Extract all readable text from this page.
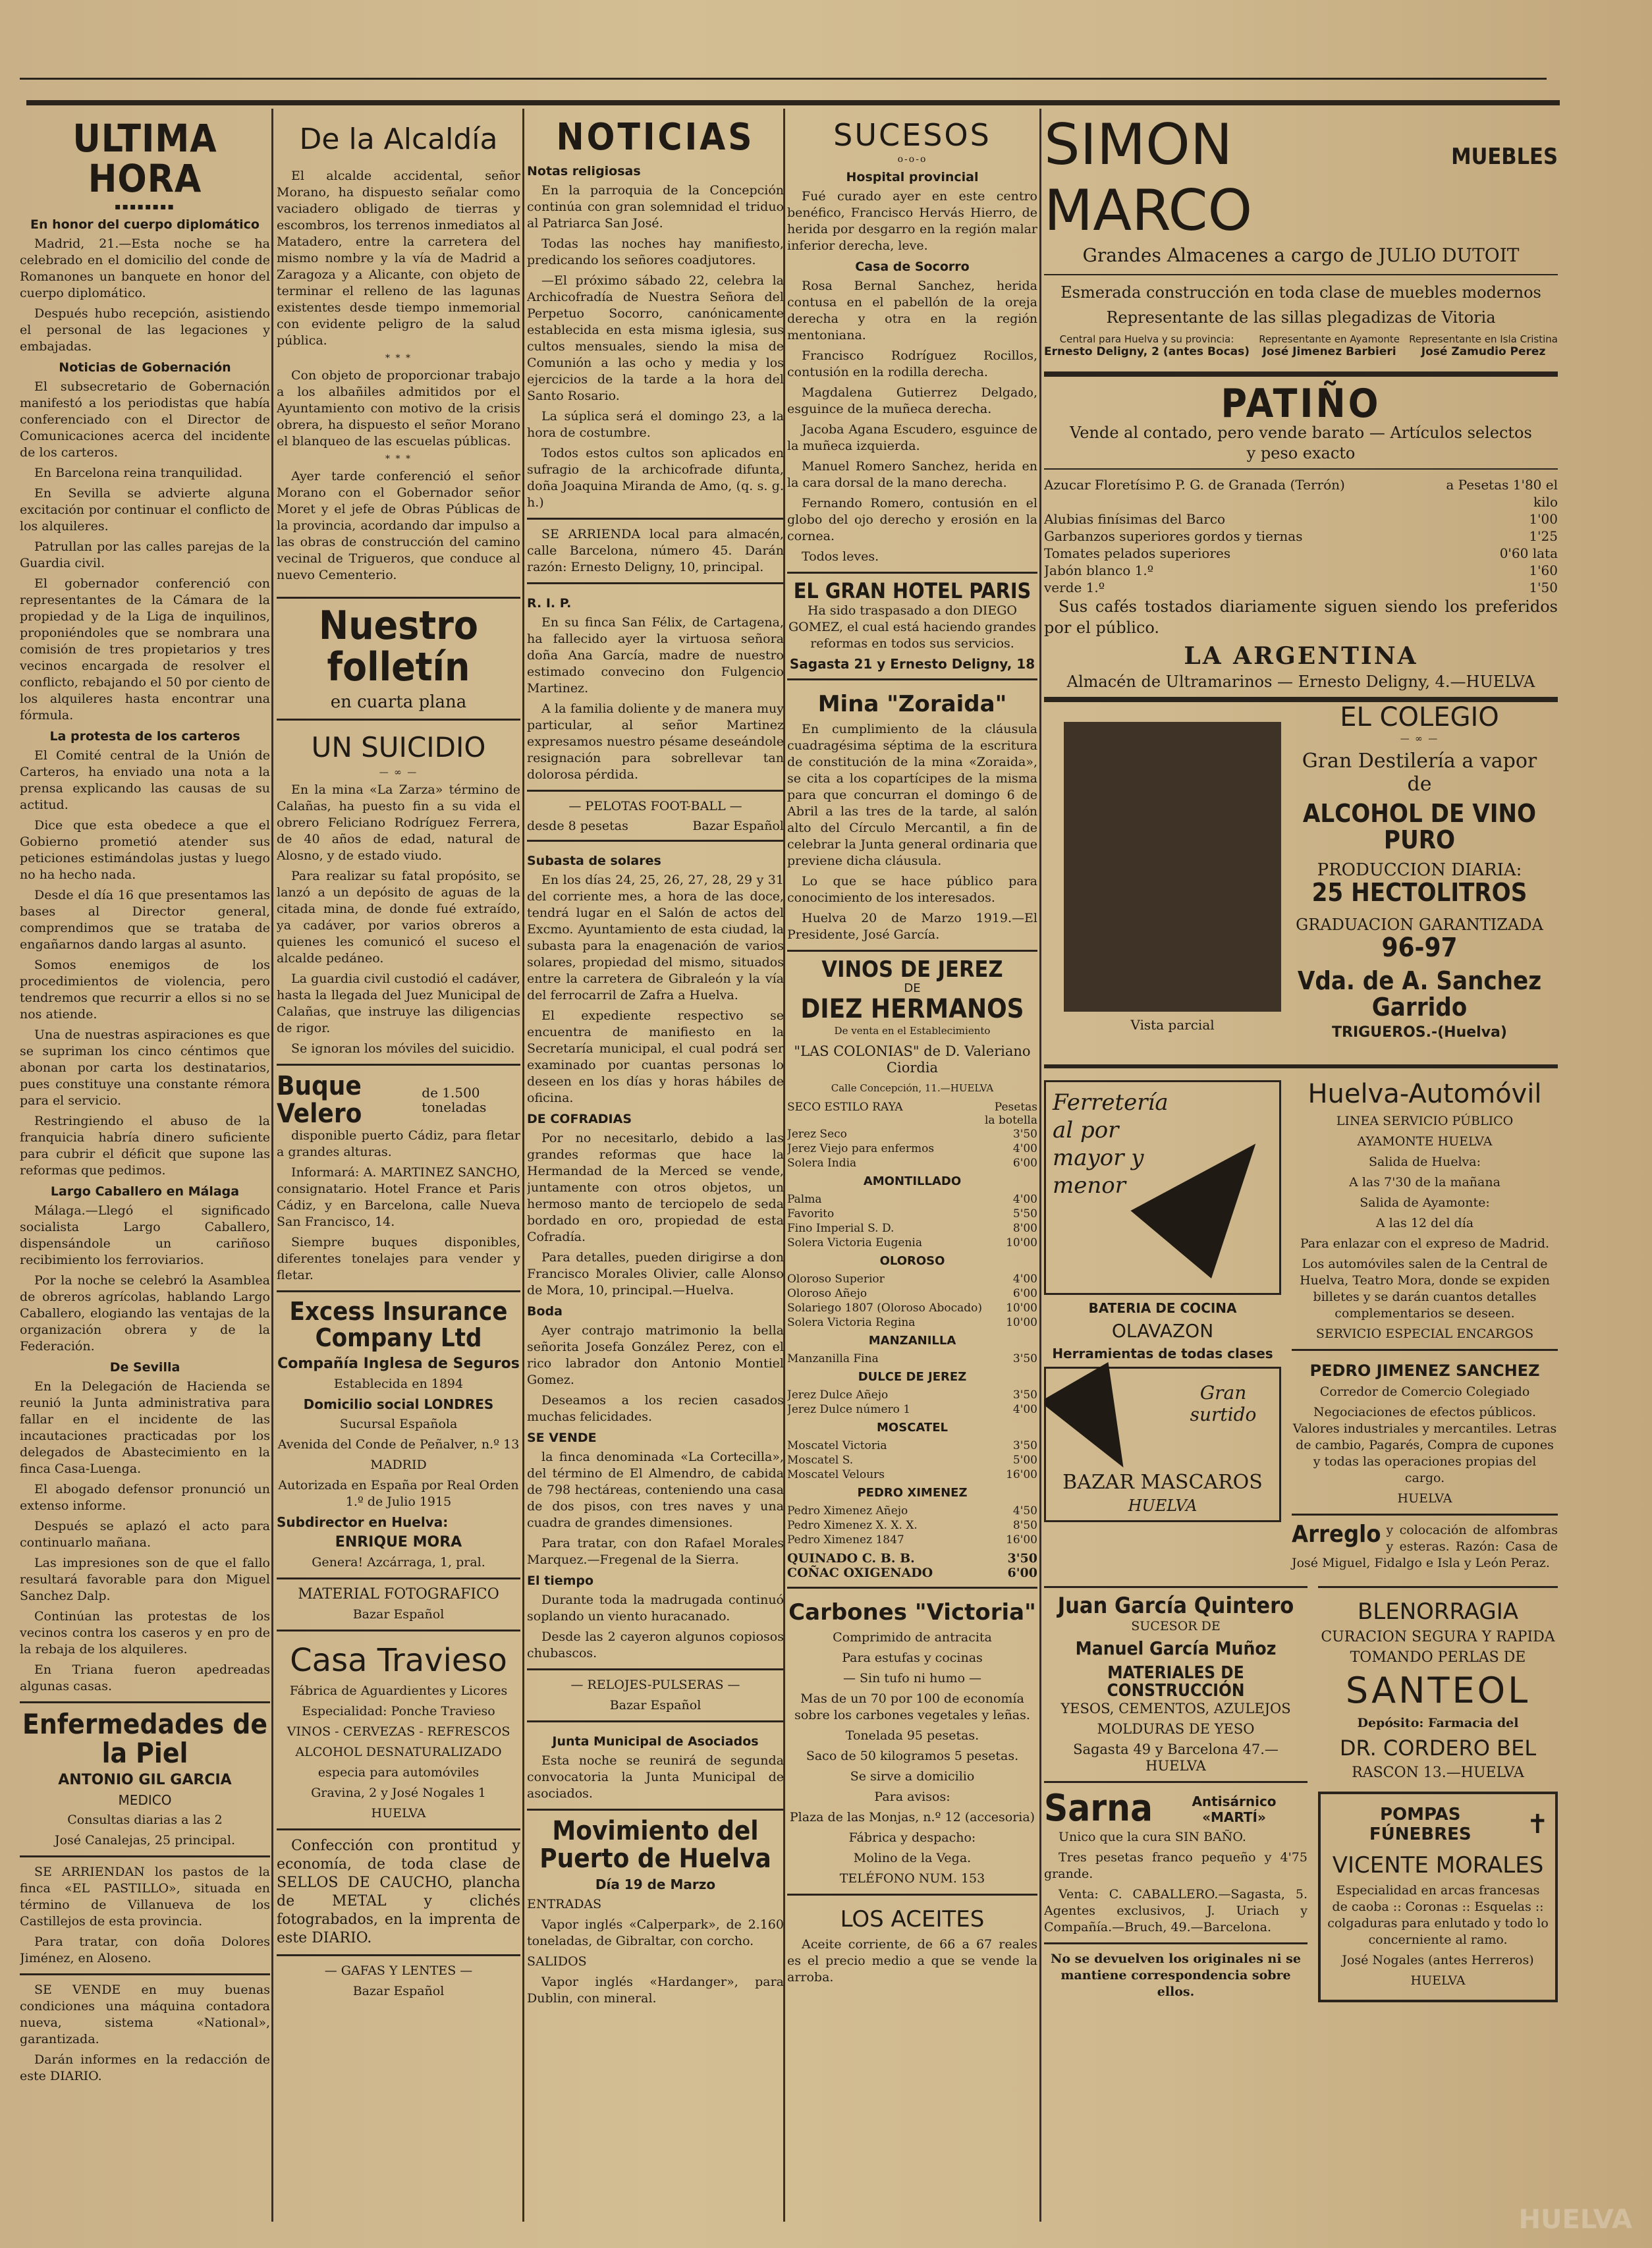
ULTIMA HORA
▪▪▪▪▪▪▪▪
En honor del cuerpo diplomático

Madrid, 21.—Esta noche se ha celebrado en el domicilio del conde de Romanones un banquete en honor del cuerpo diplomático.

Después hubo recepción, asistiendo el personal de las legaciones y embajadas.

Noticias de Gobernación

El subsecretario de Gobernación manifestó a los periodistas que había conferenciado con el Director de Comunicaciones acerca del incidente de los carteros.

En Barcelona reina tranquilidad.

En Sevilla se advierte alguna excitación por continuar el conflicto de los alquileres.

Patrullan por las calles parejas de la Guardia civil.

El gobernador conferenció con representantes de la Cámara de la propiedad y de la Liga de inquilinos, proponiéndoles que se nombrara una comisión de tres propietarios y tres vecinos encargada de resolver el conflicto, rebajando el 50 por ciento de los alquileres hasta encontrar una fórmula.

La protesta de los carteros

El Comité central de la Unión de Carteros, ha enviado una nota a la prensa explicando las causas de su actitud.

Dice que esta obedece a que el Gobierno prometió atender sus peticiones estimándolas justas y luego no ha hecho nada.

Desde el día 16 que presentamos las bases al Director general, comprendimos que se trataba de engañarnos dando largas al asunto.

Somos enemigos de los procedimientos de violencia, pero tendremos que recurrir a ellos si no se nos atiende.

Una de nuestras aspiraciones es que se supriman los cinco céntimos que abonan por carta los destinatarios, pues constituye una constante rémora para el servicio.

Restringiendo el abuso de la franquicia habría dinero suficiente para cubrir el déficit que supone las reformas que pedimos.

Largo Caballero en Málaga

Málaga.—Llegó el significado socialista Largo Caballero, dispensándole un cariñoso recibimiento los ferroviarios.

Por la noche se celebró la Asamblea de obreros agrícolas, hablando Largo Caballero, elogiando las ventajas de la organización obrera y de la Federación.

De Sevilla

En la Delegación de Hacienda se reunió la Junta administrativa para fallar en el incidente de las incautaciones practicadas por los delegados de Abastecimiento en la finca Casa-Luenga.

El abogado defensor pronunció un extenso informe.

Después se aplazó el acto para continuarlo mañana.

Las impresiones son de que el fallo resultará favorable para don Miguel Sanchez Dalp.

Continúan las protestas de los vecinos contra los caseros y en pro de la rebaja de los alquileres.

En Triana fueron apedreadas algunas casas.

Enfermedades de la Piel
ANTONIO GIL GARCIA
MEDICO

Consultas diarias a las 2

José Canalejas, 25 principal.

SE ARRIENDAN los pastos de la finca «EL PASTILLO», situada en término de Villanueva de los Castillejos de esta provincia.

Para tratar, con doña Dolores Jiménez, en Aloseno.

SE VENDE en muy buenas condiciones una máquina contadora nueva, sistema «National», garantizada.

Darán informes en la redacción de este DIARIO.

De la Alcaldía

El alcalde accidental, señor Morano, ha dispuesto señalar como vaciadero obligado de tierras y escombros, los terrenos inmediatos al Matadero, entre la carretera del mismo nombre y la vía de Madrid a Zaragoza y a Alicante, con objeto de terminar el relleno de las lagunas existentes desde tiempo inmemorial con evidente peligro de la salud pública.

* * *

Con objeto de proporcionar trabajo a los albañiles admitidos por el Ayuntamiento con motivo de la crisis obrera, ha dispuesto el señor Morano el blanqueo de las escuelas públicas.

* * *

Ayer tarde conferenció el señor Morano con el Gobernador señor Moret y el jefe de Obras Públicas de la provincia, acordando dar impulso a las obras de construcción del camino vecinal de Trigueros, que conduce al nuevo Cementerio.

Nuestro folletín
en cuarta plana
UN SUICIDIO
— ∞ —

En la mina «La Zarza» término de Calañas, ha puesto fin a su vida el obrero Feliciano Rodríguez Ferrera, de 40 años de edad, natural de Alosno, y de estado viudo.

Para realizar su fatal propósito, se lanzó a un depósito de aguas de la citada mina, de donde fué extraído, ya cadáver, por varios obreros a quienes les comunicó el suceso el alcalde pedáneo.

La guardia civil custodió el cadáver, hasta la llegada del Juez Municipal de Calañas, que instruye las diligencias de rigor.

Se ignoran los móviles del suicidio.

Buque Velero
de 1.500 toneladas

disponible puerto Cádiz, para fletar a grandes alturas.

Informará: A. MARTINEZ SANCHO, consignatario. Hotel France et Paris Cádiz, y en Barcelona, calle Nueva San Francisco, 14.

Siempre buques disponibles, diferentes tonelajes para vender y fletar.

Excess Insurance Company Ltd
Compañía Inglesa de Seguros

Establecida en 1894

Domicilio social LONDRES

Sucursal Española

Avenida del Conde de Peñalver, n.º 13

MADRID

Autorizada en España por Real Orden 1.º de Julio 1915

Subdirector en Huelva:
ENRIQUE MORA

Genera! Azcárraga, 1, pral.

MATERIAL FOTOGRAFICO

Bazar Español

Casa Travieso

Fábrica de Aguardientes y Licores

Especialidad: Ponche Travieso

VINOS - CERVEZAS - REFRESCOS

ALCOHOL DESNATURALIZADO

especia para automóviles

Gravina, 2 y José Nogales 1

HUELVA

Confección con prontitud y economía, de toda clase de SELLOS DE CAUCHO, plancha de METAL y clichés fotograbados, en la imprenta de este DIARIO.

— GAFAS Y LENTES —

Bazar Español

NOTICIAS
Notas religiosas

En la parroquia de la Concepción continúa con gran solemnidad el triduo al Patriarca San José.

Todas las noches hay manifiesto, predicando los señores coadjutores.

—El próximo sábado 22, celebra la Archicofradía de Nuestra Señora del Perpetuo Socorro, canónicamente establecida en esta misma iglesia, sus cultos mensuales, siendo la misa de Comunión a las ocho y media y los ejercicios de la tarde a la hora del Santo Rosario.

La súplica será el domingo 23, a la hora de costumbre.

Todos estos cultos son aplicados en sufragio de la archicofrade difunta, doña Joaquina Miranda de Amo, (q. s. g. h.)

SE ARRIENDA local para almacén, calle Barcelona, número 45. Darán razón: Ernesto Deligny, 10, principal.

R. I. P.

En su finca San Félix, de Cartagena, ha fallecido ayer la virtuosa señora doña Ana García, madre de nuestro estimado convecino don Fulgencio Martinez.

A la familia doliente y de manera muy particular, al señor Martinez expresamos nuestro pésame deseándole resignación para sobrellevar tan dolorosa pérdida.

— PELOTAS FOOT-BALL —

desde 8 pesetas	Bazar Español
Subasta de solares

En los días 24, 25, 26, 27, 28, 29 y 31 del corriente mes, a hora de las doce, tendrá lugar en el Salón de actos del Excmo. Ayuntamiento de esta ciudad, la subasta para la enagenación de varios solares, propiedad del mismo, situados entre la carretera de Gibraleón y la vía del ferrocarril de Zafra a Huelva.

El expediente respectivo se encuentra de manifiesto en la Secretaría municipal, el cual podrá ser examinado por cuantas personas lo deseen en los días y horas hábiles de oficina.

DE COFRADIAS

Por no necesitarlo, debido a las grandes reformas que hace la Hermandad de la Merced se vende, juntamente con otros objetos, un hermoso manto de terciopelo de seda bordado en oro, propiedad de esta Cofradía.

Para detalles, pueden dirigirse a don Francisco Morales Olivier, calle Alonso de Mora, 10, principal.—Huelva.

Boda

Ayer contrajo matrimonio la bella señorita Josefa González Perez, con el rico labrador don Antonio Montiel Gomez.

Deseamos a los recien casados muchas felicidades.

SE VENDE

la finca denominada «La Cortecilla», del término de El Almendro, de cabida de 798 hectáreas, conteniendo una casa de dos pisos, con tres naves y una cuadra de grandes dimensiones.

Para tratar, con don Rafael Morales Marquez.—Fregenal de la Sierra.

El tiempo

Durante toda la madrugada continuó soplando un viento huracanado.

Desde las 2 cayeron algunos copiosos chubascos.

— RELOJES-PULSERAS —

Bazar Español

Junta Municipal de Asociados

Esta noche se reunirá de segunda convocatoria la Junta Municipal de asociados.

Movimiento del Puerto de Huelva
Día 19 de Marzo

ENTRADAS

Vapor inglés «Calperpark», de 2.160 toneladas, de Gibraltar, con corcho.

SALIDOS

Vapor inglés «Hardanger», para Dublin, con mineral.

SUCESOS
o-o-o
Hospital provincial

Fué curado ayer en este centro benéfico, Francisco Hervás Hierro, de herida por desgarro en la región malar inferior derecha, leve.

Casa de Socorro

Rosa Bernal Sanchez, herida contusa en el pabellón de la oreja derecha y otra en la región mentoniana.

Francisco Rodríguez Rocillos, contusión en la rodilla derecha.

Magdalena Gutierrez Delgado, esguince de la muñeca derecha.

Jacoba Agana Escudero, esguince de la muñeca izquierda.

Manuel Romero Sanchez, herida en la cara dorsal de la mano derecha.

Fernando Romero, contusión en el globo del ojo derecho y erosión en la cornea.

Todos leves.

EL GRAN HOTEL PARIS

Ha sido traspasado a don DIEGO GOMEZ, el cual está haciendo grandes reformas en todos sus servicios.

Sagasta 21 y Ernesto Deligny, 18
Mina "Zoraida"

En cumplimiento de la cláusula cuadragésima séptima de la escritura de constitución de la mina «Zoraida», se cita a los copartícipes de la misma para que concurran el domingo 6 de Abril a las tres de la tarde, al salón alto del Círculo Mercantil, a fin de celebrar la Junta general ordinaria que previene dicha cláusula.

Lo que se hace público para conocimiento de los interesados.

Huelva 20 de Marzo 1919.—El Presidente, José García.

VINOS DE JEREZ
DE
DIEZ HERMANOS

De venta en el Establecimiento

"LAS COLONIAS" de D. Valeriano Ciordia

Calle Concepción, 11.—HUELVA

SECO ESTILO RAYA	Pesetas la botella
Jerez Seco	3'50
Jerez Viejo para enfermos	4'00
Solera India	6'00
AMONTILLADO
Palma	4'00
Favorito	5'50
Fino Imperial S. D.	8'00
Solera Victoria Eugenia	10'00
OLOROSO
Oloroso Superior	4'00
Oloroso Añejo	6'00
Solariego 1807 (Oloroso Abocado)	10'00
Solera Victoria Regina	10'00
MANZANILLA
Manzanilla Fina	3'50
DULCE DE JEREZ
Jerez Dulce Añejo	3'50
Jerez Dulce número 1	4'00
MOSCATEL
Moscatel Victoria	3'50
Moscatel S.	5'00
Moscatel Velours	16'00
PEDRO XIMENEZ
Pedro Ximenez Añejo	4'50
Pedro Ximenez X. X. X.	8'50
Pedro Ximenez 1847	16'00
QUINADO C. B. B.	3'50
COÑAC OXIGENADO	6'00
Carbones "Victoria"

Comprimido de antracita

Para estufas y cocinas

— Sin tufo ni humo —

Mas de un 70 por 100 de economía sobre los carbones vegetales y leñas.

Tonelada 95 pesetas.

Saco de 50 kilogramos 5 pesetas.

Se sirve a domicilio

Para avisos:

Plaza de las Monjas, n.º 12 (accesoria)

Fábrica y despacho:

Molino de la Vega.

TELÉFONO NUM. 153

LOS ACEITES

Aceite corriente, de 66 a 67 reales es el precio medio a que se vende la arroba.

SIMON MARCO
MUEBLES

Grandes Almacenes a cargo de JULIO DUTOIT

Esmerada construcción en toda clase de muebles modernos

Representante de las sillas plegadizas de Vitoria

Central para Huelva y su provincia:
Ernesto Deligny, 2 (antes Bocas)
Representante en Ayamonte
José Jimenez Barbieri
Representante en Isla Cristina
José Zamudio Perez
PATIÑO

Vende al contado, pero vende barato — Artículos selectos

y peso exacto

Azucar Floretísimo P. G. de Granada (Terrón)	a Pesetas 1'80 el kilo
Alubias finísimas del Barco	1'00
Garbanzos superiores gordos y tiernas	1'25
Tomates pelados superiores	0'60 lata
Jabón blanco 1.º	1'60
verde 1.º	1'50

Sus cafés tostados diariamente siguen siendo los preferidos por el público.

LA ARGENTINA

Almacén de Ultramarinos — Ernesto Deligny, 4.—HUELVA

Vista parcial
EL COLEGIO
— ∞ —
Gran Destilería a vapor de
ALCOHOL DE VINO PURO
PRODUCCION DIARIA:
25 HECTOLITROS
GRADUACION GARANTIZADA
96-97
Vda. de A. Sanchez Garrido
TRIGUEROS.-(Huelva)
Ferretería al por mayor y menor
BATERIA DE COCINA
OLAVAZON
Herramientas de todas clases
Gran surtido
BAZAR MASCAROS
HUELVA
Huelva-Automóvil

LINEA SERVICIO PÚBLICO

AYAMONTE HUELVA

Salida de Huelva:

A las 7'30 de la mañana

Salida de Ayamonte:

A las 12 del día

Para enlazar con el expreso de Madrid.

Los automóviles salen de la Central de Huelva, Teatro Mora, donde se expiden billetes y se darán cuantos detalles complementarios se deseen.

SERVICIO ESPECIAL ENCARGOS

PEDRO JIMENEZ SANCHEZ

Corredor de Comercio Colegiado

Negociaciones de efectos públicos. Valores industriales y mercantiles. Letras de cambio, Pagarés, Compra de cupones y todas las operaciones propias del cargo.

HUELVA

Arreglo y colocación de alfombras y esteras. Razón: Casa de José Miguel, Fidalgo e Isla y León Peraz.

Juan García Quintero

SUCESOR DE

Manuel García Muñoz
MATERIALES DE CONSTRUCCIÓN

YESOS, CEMENTOS, AZULEJOS

MOLDURAS DE YESO

Sagasta 49 y Barcelona 47.—HUELVA

Sarna	Antisárnico «MARTÍ»

Unico que la cura SIN BAÑO.

Tres pesetas franco pequeño y 4'75 grande.

Venta: C. CABALLERO.—Sagasta, 5. Agentes exclusivos, J. Uriach y Compañía.—Bruch, 49.—Barcelona.

No se devuelven los originales ni se mantiene correspondencia sobre ellos.

BLENORRAGIA

CURACION SEGURA Y RAPIDA

TOMANDO PERLAS DE

SANTEOL

Depósito: Farmacia del

DR. CORDERO BEL

RASCON 13.—HUELVA

POMPAS FÚNEBRES	✝
VICENTE MORALES

Especialidad en arcas francesas de caoba :: Coronas :: Esquelas :: colgaduras para enlutado y todo lo concerniente al ramo.

José Nogales (antes Herreros)

HUELVA

HUELVA
